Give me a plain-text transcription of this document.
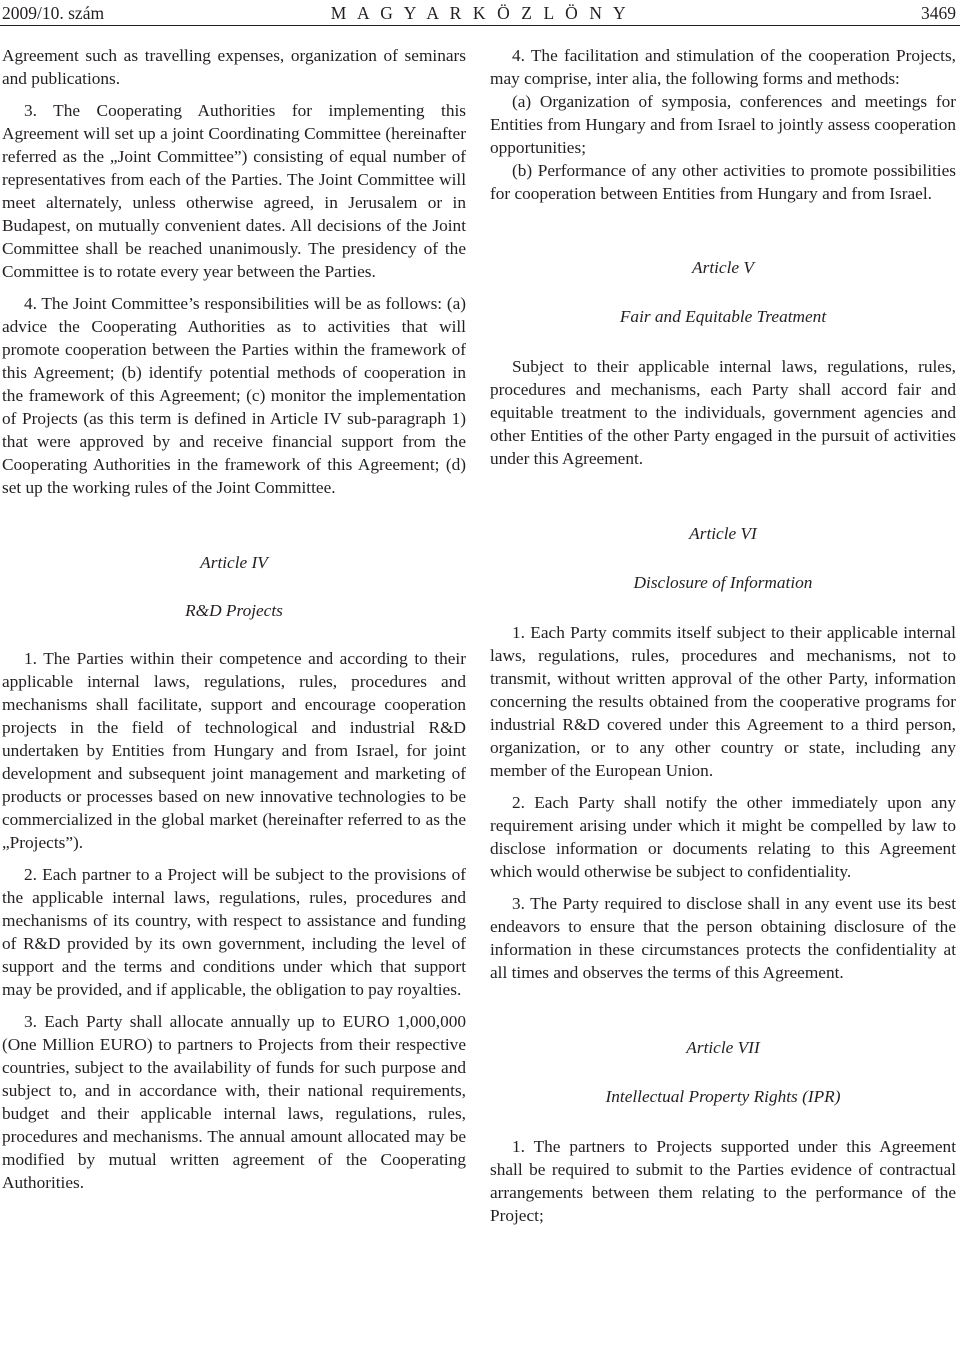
2009/10. szám	M A G Y A R K Ö Z L Ö N Y	3469

Agreement such as travelling expenses, organization of seminars and publications.

3. The Cooperating Authorities for implementing this Agreement will set up a joint Coordinating Committee (hereinafter referred as the „Joint Committee”) consisting of equal number of representatives from each of the Parties. The Joint Committee will meet alternately, unless otherwise agreed, in Jerusalem or in Budapest, on mutually convenient dates. All decisions of the Joint Committee shall be reached unanimously. The presidency of the Committee is to rotate every year between the Parties.

4. The Joint Committee’s responsibilities will be as follows: (a) advice the Cooperating Authorities as to activities that will promote cooperation between the Parties within the framework of this Agreement; (b) identify potential methods of cooperation in the framework of this Agreement; (c) monitor the implementation of Projects (as this term is defined in Article IV sub-paragraph 1) that were approved by and receive financial support from the Cooperating Authorities in the framework of this Agreement; (d) set up the working rules of the Joint Committee.

Article IV

R&D Projects

1. The Parties within their competence and according to their applicable internal laws, regulations, rules, procedures and mechanisms shall facilitate, support and encourage cooperation projects in the field of technological and industrial R&D undertaken by Entities from Hungary and from Israel, for joint development and subsequent joint management and marketing of products or processes based on new innovative technologies to be commercialized in the global market (hereinafter referred to as the „Projects”).

2. Each partner to a Project will be subject to the provisions of the applicable internal laws, regulations, rules, procedures and mechanisms of its country, with respect to assistance and funding of R&D provided by its own government, including the level of support and the terms and conditions under which that support may be provided, and if applicable, the obligation to pay royalties.

3. Each Party shall allocate annually up to EURO 1,000,000 (One Million EURO) to partners to Projects from their respective countries, subject to the availability of funds for such purpose and subject to, and in accordance with, their national requirements, budget and their applicable internal laws, regulations, rules, procedures and mechanisms. The annual amount allocated may be modified by mutual written agreement of the Cooperating Authorities.

4. The facilitation and stimulation of the cooperation Projects, may comprise, inter alia, the following forms and methods:

(a) Organization of symposia, conferences and meetings for Entities from Hungary and from Israel to jointly assess cooperation opportunities;

(b) Performance of any other activities to promote possibilities for cooperation between Entities from Hungary and from Israel.

Article V

Fair and Equitable Treatment

Subject to their applicable internal laws, regulations, rules, procedures and mechanisms, each Party shall accord fair and equitable treatment to the individuals, government agencies and other Entities of the other Party engaged in the pursuit of activities under this Agreement.

Article VI

Disclosure of Information

1. Each Party commits itself subject to their applicable internal laws, regulations, rules, procedures and mechanisms, not to transmit, without written approval of the other Party, information concerning the results obtained from the cooperative programs for industrial R&D covered under this Agreement to a third person, organization, or to any other country or state, including any member of the European Union.

2. Each Party shall notify the other immediately upon any requirement arising under which it might be compelled by law to disclose information or documents relating to this Agreement which would otherwise be subject to confidentiality.

3. The Party required to disclose shall in any event use its best endeavors to ensure that the person obtaining disclosure of the information in these circumstances protects the confidentiality at all times and observes the terms of this Agreement.

Article VII

Intellectual Property Rights (IPR)

1. The partners to Projects supported under this Agreement shall be required to submit to the Parties evidence of contractual arrangements between them relating to the performance of the Project;
